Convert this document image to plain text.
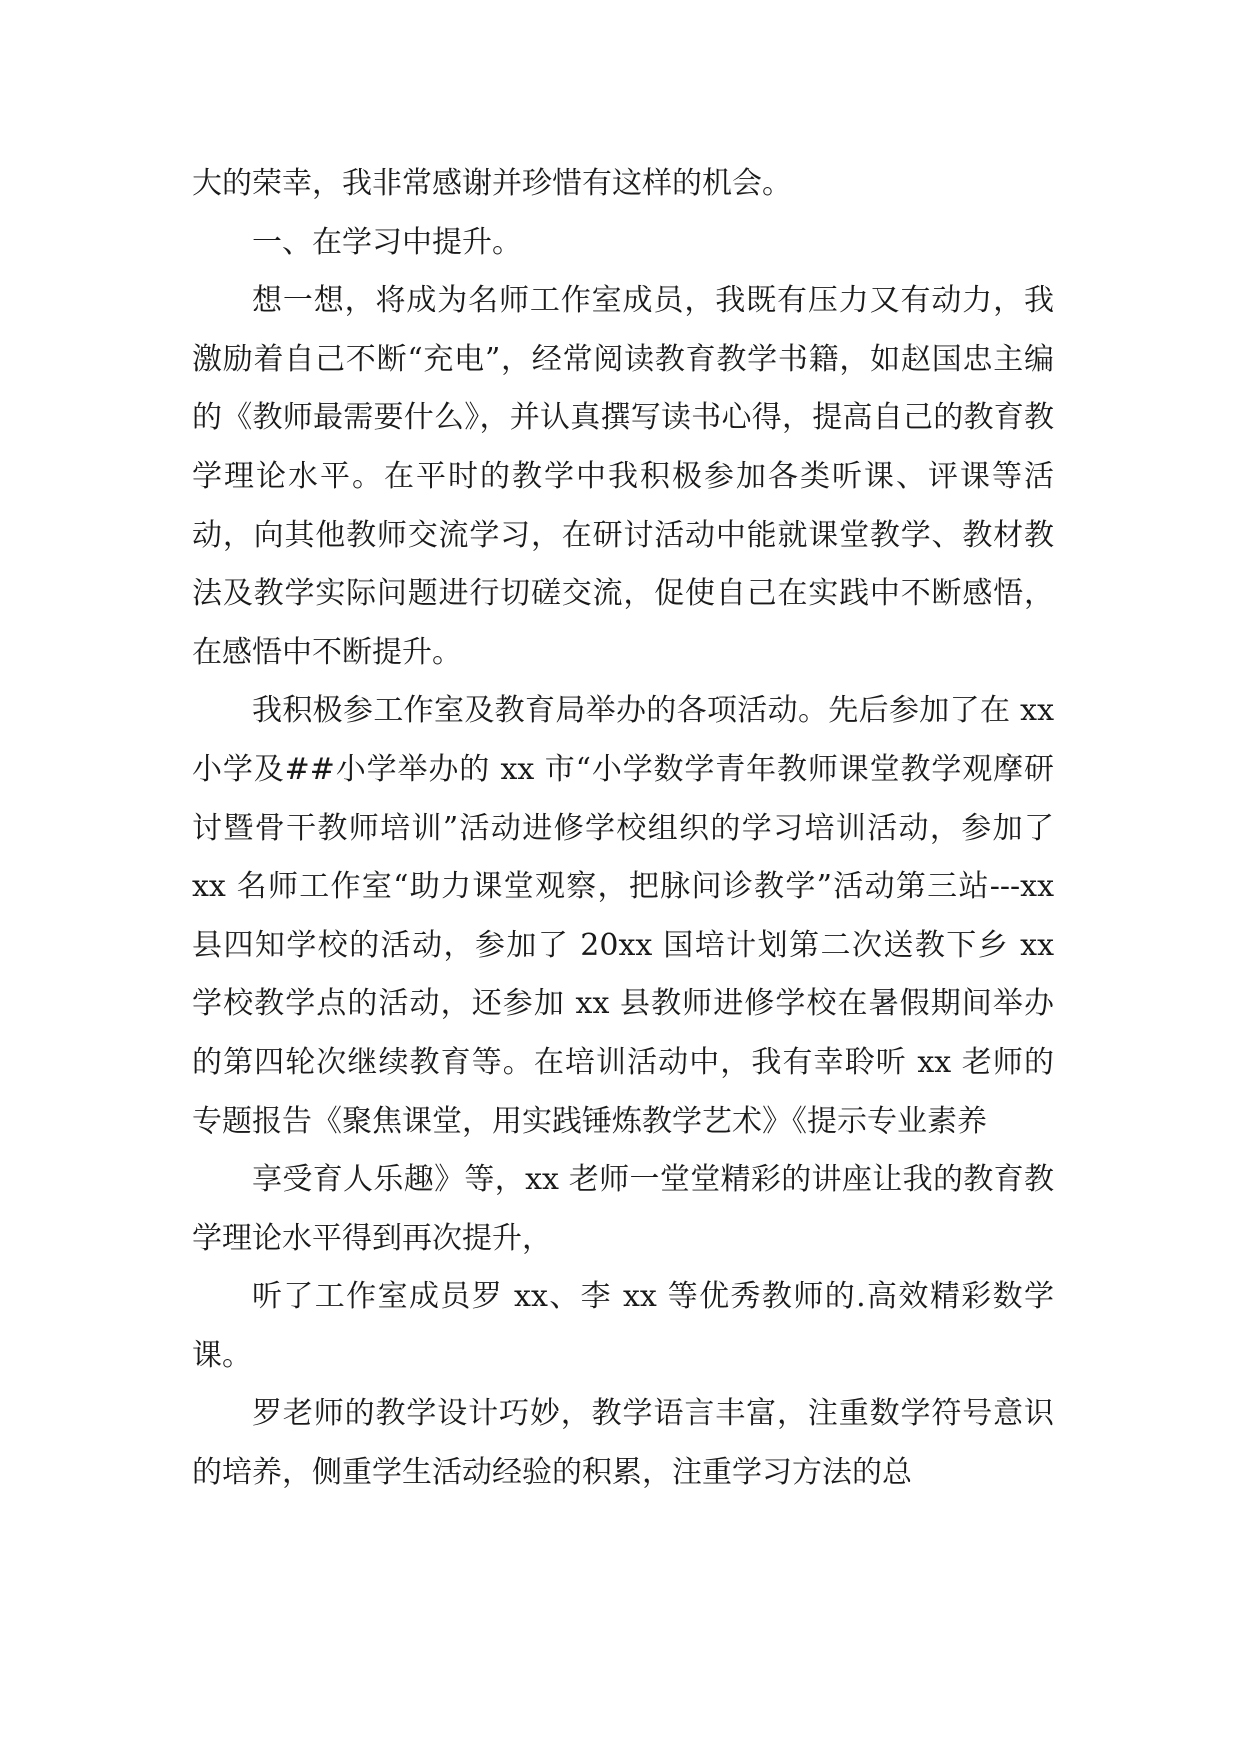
大的荣幸，我非常感谢并珍惜有这样的机会。

一、在学习中提升。

想一想，将成为名师工作室成员，我既有压力又有动力，我激励着自己不断“充电”，经常阅读教育教学书籍，如赵国忠主编的《教师最需要什么》，并认真撰写读书心得，提高自己的教育教学理论水平。在平时的教学中我积极参加各类听课、评课等活动，向其他教师交流学习，在研讨活动中能就课堂教学、教材教法及教学实际问题进行切磋交流，促使自己在实践中不断感悟，在感悟中不断提升。

我积极参工作室及教育局举办的各项活动。先后参加了在 xx 小学及##小学举办的 xx 市“小学数学青年教师课堂教学观摩研讨暨骨干教师培训”活动进修学校组织的学习培训活动，参加了 xx 名师工作室“助力课堂观察，把脉问诊教学”活动第三站---xx 县四知学校的活动，参加了 20xx 国培计划第二次送教下乡 xx 学校教学点的活动，还参加 xx 县教师进修学校在暑假期间举办的第四轮次继续教育等。在培训活动中，我有幸聆听 xx 老师的专题报告《聚焦课堂，用实践锤炼教学艺术》《提示专业素养

享受育人乐趣》等，xx 老师一堂堂精彩的讲座让我的教育教学理论水平得到再次提升，

听了工作室成员罗 xx、李 xx 等优秀教师的.高效精彩数学课。

罗老师的教学设计巧妙，教学语言丰富，注重数学符号意识的培养，侧重学生活动经验的积累，注重学习方法的总
